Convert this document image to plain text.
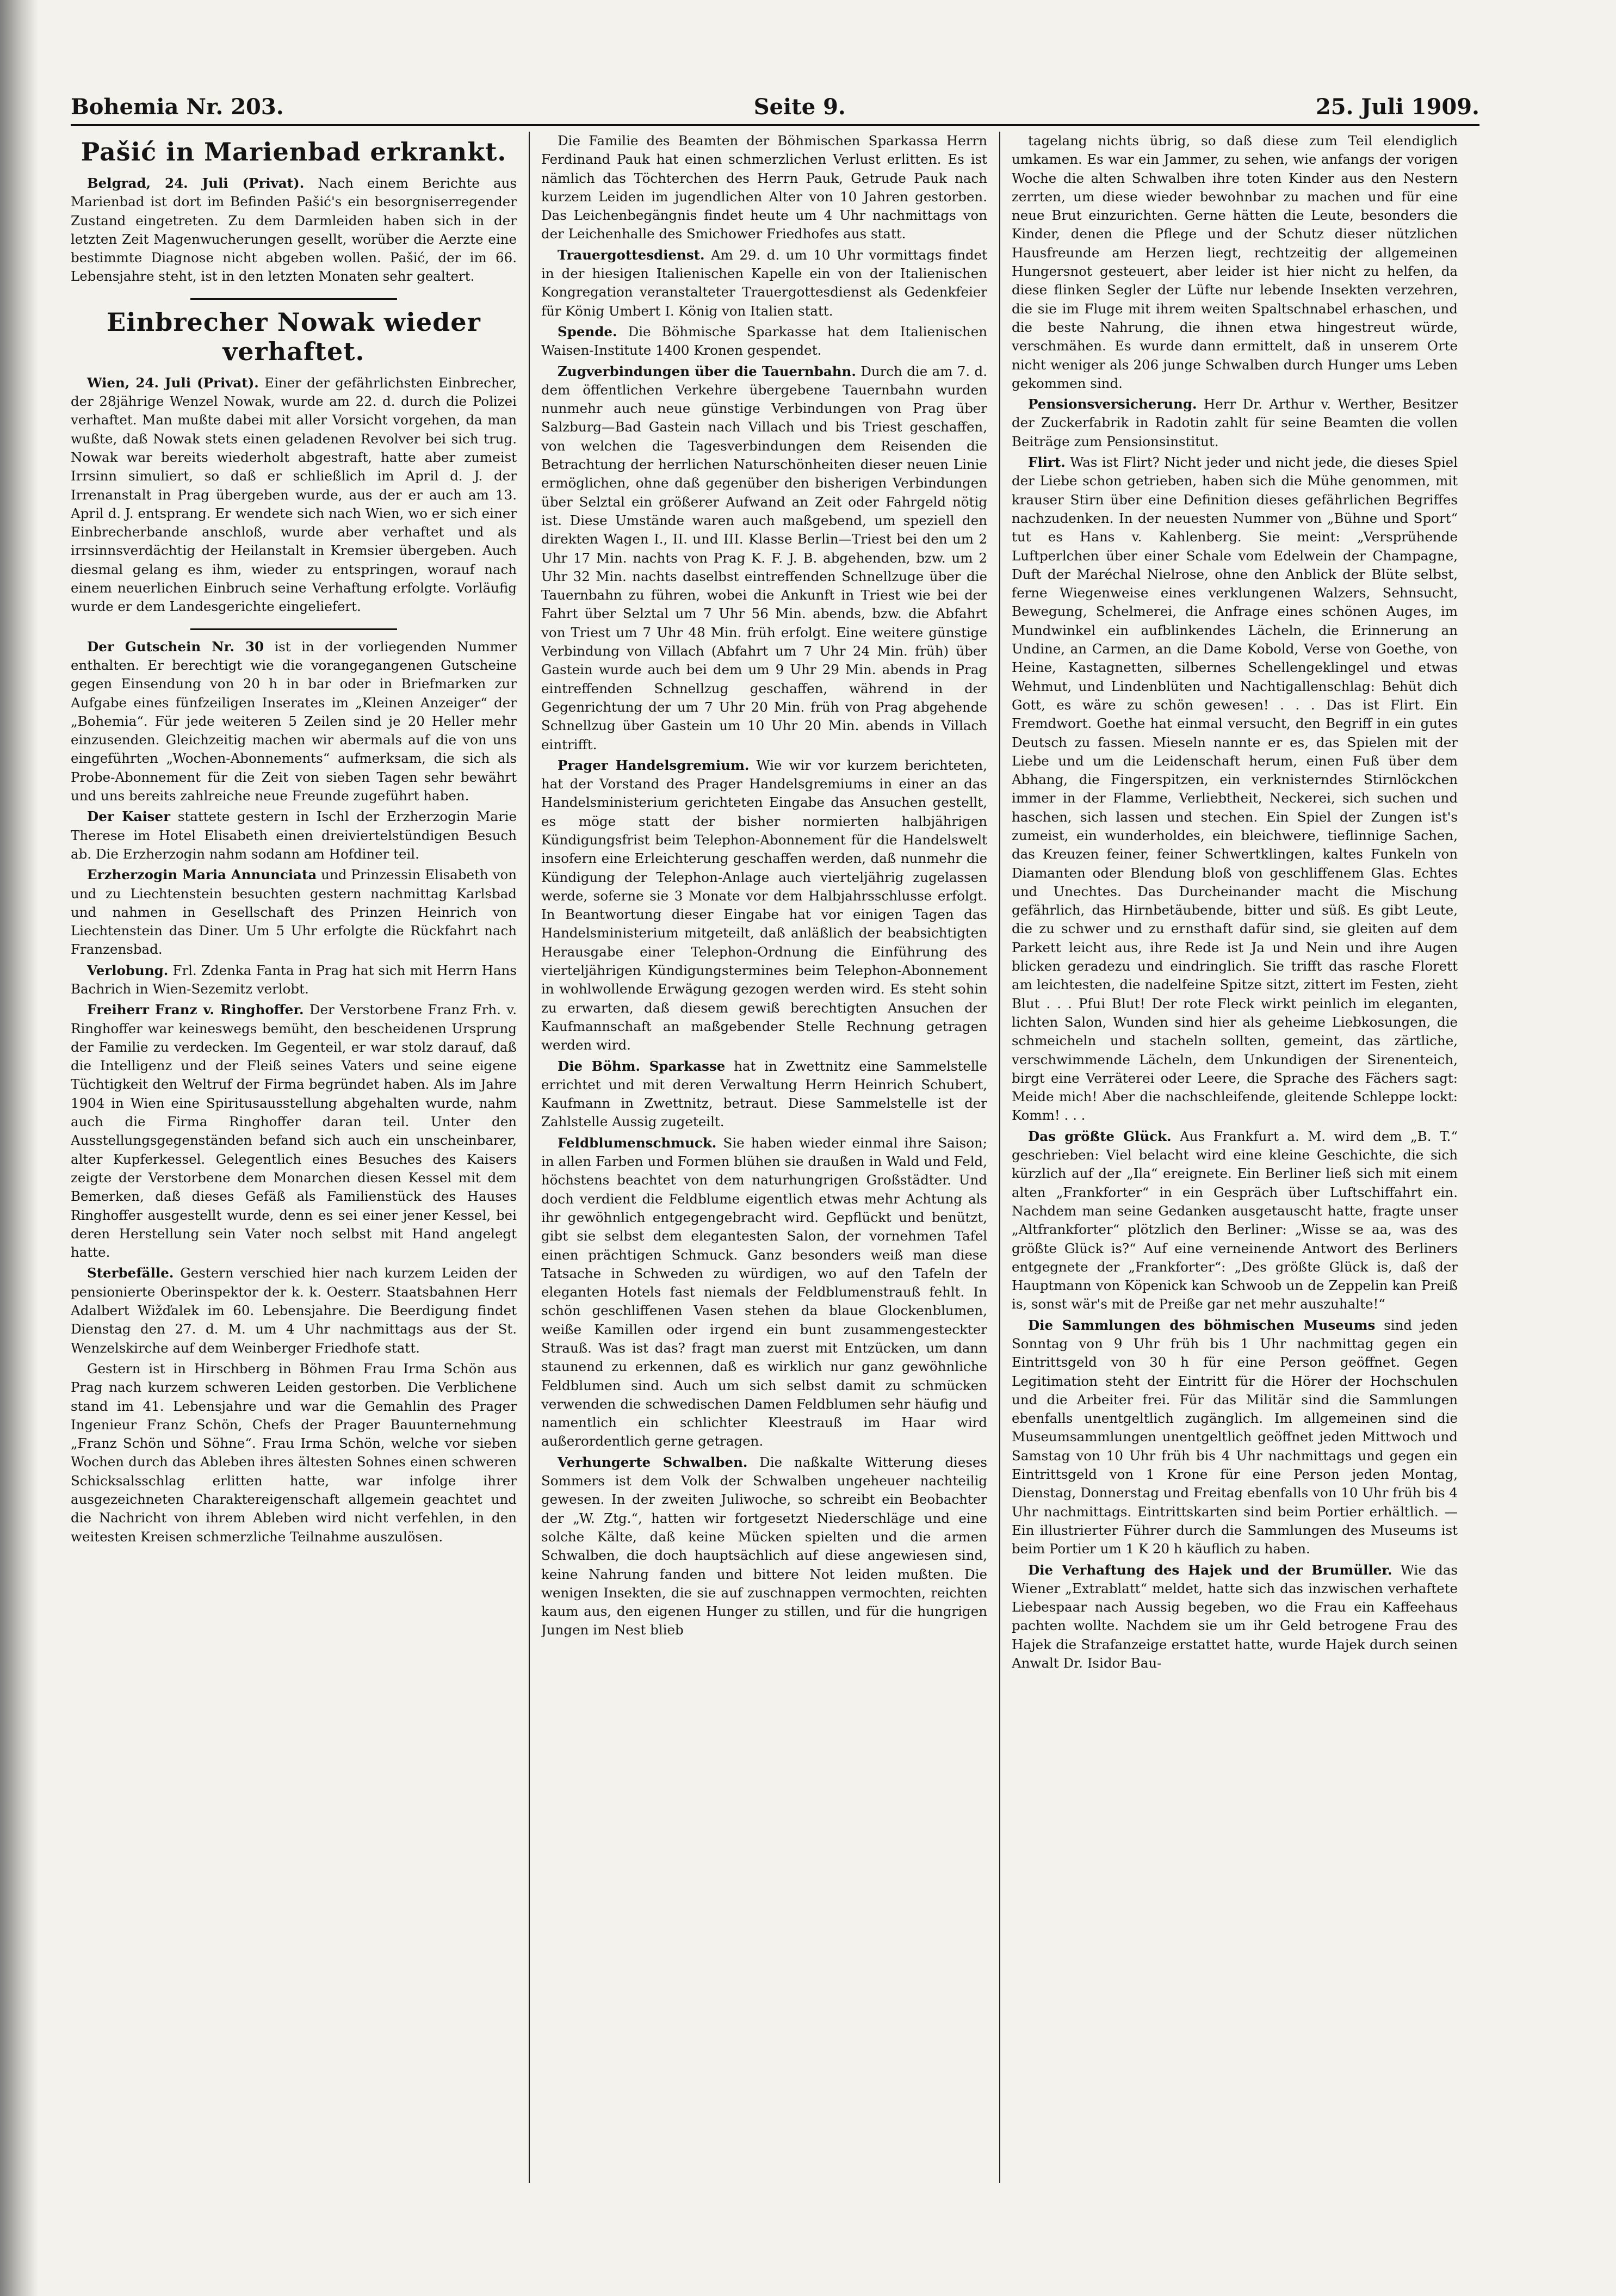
Bohemia Nr. 203.	Seite 9.	25. Juli 1909.
Pašić in Marienbad erkrankt.

Belgrad, 24. Juli (Privat). Nach einem Berichte aus Marienbad ist dort im Befinden Pašić's ein besorgniserregender Zustand eingetreten. Zu dem Darmleiden haben sich in der letzten Zeit Magenwucherungen gesellt, worüber die Aerzte eine bestimmte Diagnose nicht abgeben wollen. Pašić, der im 66. Lebensjahre steht, ist in den letzten Monaten sehr gealtert.

Einbrecher Nowak wieder verhaftet.

Wien, 24. Juli (Privat). Einer der gefährlichsten Einbrecher, der 28jährige Wenzel Nowak, wurde am 22. d. durch die Polizei verhaftet. Man mußte dabei mit aller Vorsicht vorgehen, da man wußte, daß Nowak stets einen geladenen Revolver bei sich trug. Nowak war bereits wiederholt abgestraft, hatte aber zumeist Irrsinn simuliert, so daß er schließlich im April d. J. der Irrenanstalt in Prag übergeben wurde, aus der er auch am 13. April d. J. entsprang. Er wendete sich nach Wien, wo er sich einer Einbrecherbande anschloß, wurde aber verhaftet und als irrsinnsverdächtig der Heilanstalt in Kremsier übergeben. Auch diesmal gelang es ihm, wieder zu entspringen, worauf nach einem neuerlichen Einbruch seine Verhaftung erfolgte. Vorläufig wurde er dem Landesgerichte eingeliefert.

Der Gutschein Nr. 30 ist in der vorliegenden Nummer enthalten. Er berechtigt wie die vorangegangenen Gutscheine gegen Einsendung von 20 h in bar oder in Briefmarken zur Aufgabe eines fünfzeiligen Inserates im „Kleinen Anzeiger“ der „Bohemia“. Für jede weiteren 5 Zeilen sind je 20 Heller mehr einzusenden. Gleichzeitig machen wir abermals auf die von uns eingeführten „Wochen-Abonnements“ aufmerksam, die sich als Probe-Abonnement für die Zeit von sieben Tagen sehr bewährt und uns bereits zahlreiche neue Freunde zugeführt haben.

Der Kaiser stattete gestern in Ischl der Erzherzogin Marie Therese im Hotel Elisabeth einen dreiviertelstündigen Besuch ab. Die Erzherzogin nahm sodann am Hofdiner teil.

Erzherzogin Maria Annunciata und Prinzessin Elisabeth von und zu Liechtenstein besuchten gestern nachmittag Karlsbad und nahmen in Gesellschaft des Prinzen Heinrich von Liechtenstein das Diner. Um 5 Uhr erfolgte die Rückfahrt nach Franzensbad.

Verlobung. Frl. Zdenka Fanta in Prag hat sich mit Herrn Hans Bachrich in Wien-Sezemitz verlobt.

Freiherr Franz v. Ringhoffer. Der Verstorbene Franz Frh. v. Ringhoffer war keineswegs bemüht, den bescheidenen Ursprung der Familie zu verdecken. Im Gegenteil, er war stolz darauf, daß die Intelligenz und der Fleiß seines Vaters und seine eigene Tüchtigkeit den Weltruf der Firma begründet haben. Als im Jahre 1904 in Wien eine Spiritusausstellung abgehalten wurde, nahm auch die Firma Ringhoffer daran teil. Unter den Ausstellungsgegenständen befand sich auch ein unscheinbarer, alter Kupferkessel. Gelegentlich eines Besuches des Kaisers zeigte der Verstorbene dem Monarchen diesen Kessel mit dem Bemerken, daß dieses Gefäß als Familienstück des Hauses Ringhoffer ausgestellt wurde, denn es sei einer jener Kessel, bei deren Herstellung sein Vater noch selbst mit Hand angelegt hatte.

Sterbefälle. Gestern verschied hier nach kurzem Leiden der pensionierte Oberinspektor der k. k. Oesterr. Staatsbahnen Herr Adalbert Wižďalek im 60. Lebensjahre. Die Beerdigung findet Dienstag den 27. d. M. um 4 Uhr nachmittags aus der St. Wenzelskirche auf dem Weinberger Friedhofe statt.

Gestern ist in Hirschberg in Böhmen Frau Irma Schön aus Prag nach kurzem schweren Leiden gestorben. Die Verblichene stand im 41. Lebensjahre und war die Gemahlin des Prager Ingenieur Franz Schön, Chefs der Prager Bauunternehmung „Franz Schön und Söhne“. Frau Irma Schön, welche vor sieben Wochen durch das Ableben ihres ältesten Sohnes einen schweren Schicksalsschlag erlitten hatte, war infolge ihrer ausgezeichneten Charaktereigenschaft allgemein geachtet und die Nachricht von ihrem Ableben wird nicht verfehlen, in den weitesten Kreisen schmerzliche Teilnahme auszulösen.

Die Familie des Beamten der Böhmischen Sparkassa Herrn Ferdinand Pauk hat einen schmerzlichen Verlust erlitten. Es ist nämlich das Töchterchen des Herrn Pauk, Getrude Pauk nach kurzem Leiden im jugendlichen Alter von 10 Jahren gestorben. Das Leichenbegängnis findet heute um 4 Uhr nachmittags von der Leichenhalle des Smichower Friedhofes aus statt.

Trauergottesdienst. Am 29. d. um 10 Uhr vormittags findet in der hiesigen Italienischen Kapelle ein von der Italienischen Kongregation veranstalteter Trauergottesdienst als Gedenkfeier für König Umbert I. König von Italien statt.

Spende. Die Böhmische Sparkasse hat dem Italienischen Waisen-Institute 1400 Kronen gespendet.

Zugverbindungen über die Tauernbahn. Durch die am 7. d. dem öffentlichen Verkehre übergebene Tauernbahn wurden nunmehr auch neue günstige Verbindungen von Prag über Salzburg—Bad Gastein nach Villach und bis Triest geschaffen, von welchen die Tagesverbindungen dem Reisenden die Betrachtung der herrlichen Naturschönheiten dieser neuen Linie ermöglichen, ohne daß gegenüber den bisherigen Verbindungen über Selztal ein größerer Aufwand an Zeit oder Fahrgeld nötig ist. Diese Umstände waren auch maßgebend, um speziell den direkten Wagen I., II. und III. Klasse Berlin—Triest bei den um 2 Uhr 17 Min. nachts von Prag K. F. J. B. abgehenden, bzw. um 2 Uhr 32 Min. nachts daselbst eintreffenden Schnellzuge über die Tauernbahn zu führen, wobei die Ankunft in Triest wie bei der Fahrt über Selztal um 7 Uhr 56 Min. abends, bzw. die Abfahrt von Triest um 7 Uhr 48 Min. früh erfolgt. Eine weitere günstige Verbindung von Villach (Abfahrt um 7 Uhr 24 Min. früh) über Gastein wurde auch bei dem um 9 Uhr 29 Min. abends in Prag eintreffenden Schnellzug geschaffen, während in der Gegenrichtung der um 7 Uhr 20 Min. früh von Prag abgehende Schnellzug über Gastein um 10 Uhr 20 Min. abends in Villach eintrifft.

Prager Handelsgremium. Wie wir vor kurzem berichteten, hat der Vorstand des Prager Handelsgremiums in einer an das Handelsministerium gerichteten Eingabe das Ansuchen gestellt, es möge statt der bisher normierten halbjährigen Kündigungsfrist beim Telephon-Abonnement für die Handelswelt insofern eine Erleichterung geschaffen werden, daß nunmehr die Kündigung der Telephon-Anlage auch vierteljährig zugelassen werde, soferne sie 3 Monate vor dem Halbjahrsschlusse erfolgt. In Beantwortung dieser Eingabe hat vor einigen Tagen das Handelsministerium mitgeteilt, daß anläßlich der beabsichtigten Herausgabe einer Telephon-Ordnung die Einführung des vierteljährigen Kündigungstermines beim Telephon-Abonnement in wohlwollende Erwägung gezogen werden wird. Es steht sohin zu erwarten, daß diesem gewiß berechtigten Ansuchen der Kaufmannschaft an maßgebender Stelle Rechnung getragen werden wird.

Die Böhm. Sparkasse hat in Zwettnitz eine Sammelstelle errichtet und mit deren Verwaltung Herrn Heinrich Schubert, Kaufmann in Zwettnitz, betraut. Diese Sammelstelle ist der Zahlstelle Aussig zugeteilt.

Feldblumenschmuck. Sie haben wieder einmal ihre Saison; in allen Farben und Formen blühen sie draußen in Wald und Feld, höchstens beachtet von dem naturhungrigen Großstädter. Und doch verdient die Feldblume eigentlich etwas mehr Achtung als ihr gewöhnlich entgegengebracht wird. Gepflückt und benützt, gibt sie selbst dem elegantesten Salon, der vornehmen Tafel einen prächtigen Schmuck. Ganz besonders weiß man diese Tatsache in Schweden zu würdigen, wo auf den Tafeln der eleganten Hotels fast niemals der Feldblumenstrauß fehlt. In schön geschliffenen Vasen stehen da blaue Glockenblumen, weiße Kamillen oder irgend ein bunt zusammengesteckter Strauß. Was ist das? fragt man zuerst mit Entzücken, um dann staunend zu erkennen, daß es wirklich nur ganz gewöhnliche Feldblumen sind. Auch um sich selbst damit zu schmücken verwenden die schwedischen Damen Feldblumen sehr häufig und namentlich ein schlichter Kleestrauß im Haar wird außerordentlich gerne getragen.

Verhungerte Schwalben. Die naßkalte Witterung dieses Sommers ist dem Volk der Schwalben ungeheuer nachteilig gewesen. In der zweiten Juliwoche, so schreibt ein Beobachter der „W. Ztg.“, hatten wir fortgesetzt Niederschläge und eine solche Kälte, daß keine Mücken spielten und die armen Schwalben, die doch hauptsächlich auf diese angewiesen sind, keine Nahrung fanden und bittere Not leiden mußten. Die wenigen Insekten, die sie auf zuschnappen vermochten, reichten kaum aus, den eigenen Hunger zu stillen, und für die hungrigen Jungen im Nest blieb

tagelang nichts übrig, so daß diese zum Teil elendiglich umkamen. Es war ein Jammer, zu sehen, wie anfangs der vorigen Woche die alten Schwalben ihre toten Kinder aus den Nestern zerrten, um diese wieder bewohnbar zu machen und für eine neue Brut einzurichten. Gerne hätten die Leute, besonders die Kinder, denen die Pflege und der Schutz dieser nützlichen Hausfreunde am Herzen liegt, rechtzeitig der allgemeinen Hungersnot gesteuert, aber leider ist hier nicht zu helfen, da diese flinken Segler der Lüfte nur lebende Insekten verzehren, die sie im Fluge mit ihrem weiten Spaltschnabel erhaschen, und die beste Nahrung, die ihnen etwa hingestreut würde, verschmähen. Es wurde dann ermittelt, daß in unserem Orte nicht weniger als 206 junge Schwalben durch Hunger ums Leben gekommen sind.

Pensionsversicherung. Herr Dr. Arthur v. Werther, Besitzer der Zuckerfabrik in Radotin zahlt für seine Beamten die vollen Beiträge zum Pensionsinstitut.

Flirt. Was ist Flirt? Nicht jeder und nicht jede, die dieses Spiel der Liebe schon getrieben, haben sich die Mühe genommen, mit krauser Stirn über eine Definition dieses gefährlichen Begriffes nachzudenken. In der neuesten Nummer von „Bühne und Sport“ tut es Hans v. Kahlenberg. Sie meint: „Versprühende Luftperlchen über einer Schale vom Edelwein der Champagne, Duft der Maréchal Nielrose, ohne den Anblick der Blüte selbst, ferne Wiegenweise eines verklungenen Walzers, Sehnsucht, Bewegung, Schelmerei, die Anfrage eines schönen Auges, im Mundwinkel ein aufblinkendes Lächeln, die Erinnerung an Undine, an Carmen, an die Dame Kobold, Verse von Goethe, von Heine, Kastagnetten, silbernes Schellengeklingel und etwas Wehmut, und Lindenblüten und Nachtigallenschlag: Behüt dich Gott, es wäre zu schön gewesen! . . . Das ist Flirt. Ein Fremdwort. Goethe hat einmal versucht, den Begriff in ein gutes Deutsch zu fassen. Mieseln nannte er es, das Spielen mit der Liebe und um die Leidenschaft herum, einen Fuß über dem Abhang, die Fingerspitzen, ein verknisterndes Stirnlöckchen immer in der Flamme, Verliebtheit, Neckerei, sich suchen und haschen, sich lassen und stechen. Ein Spiel der Zungen ist's zumeist, ein wunderholdes, ein bleichwere, tieflinnige Sachen, das Kreuzen feiner, feiner Schwertklingen, kaltes Funkeln von Diamanten oder Blendung bloß von geschliffenem Glas. Echtes und Unechtes. Das Durcheinander macht die Mischung gefährlich, das Hirnbetäubende, bitter und süß. Es gibt Leute, die zu schwer und zu ernsthaft dafür sind, sie gleiten auf dem Parkett leicht aus, ihre Rede ist Ja und Nein und ihre Augen blicken geradezu und eindringlich. Sie trifft das rasche Florett am leichtesten, die nadelfeine Spitze sitzt, zittert im Festen, zieht Blut . . . Pfui Blut! Der rote Fleck wirkt peinlich im eleganten, lichten Salon, Wunden sind hier als geheime Liebkosungen, die schmeicheln und stacheln sollten, gemeint, das zärtliche, verschwimmende Lächeln, dem Unkundigen der Sirenenteich, birgt eine Verräterei oder Leere, die Sprache des Fächers sagt: Meide mich! Aber die nachschleifende, gleitende Schleppe lockt: Komm! . . .

Das größte Glück. Aus Frankfurt a. M. wird dem „B. T.“ geschrieben: Viel belacht wird eine kleine Geschichte, die sich kürzlich auf der „Ila“ ereignete. Ein Berliner ließ sich mit einem alten „Frankforter“ in ein Gespräch über Luftschiffahrt ein. Nachdem man seine Gedanken ausgetauscht hatte, fragte unser „Altfrankforter“ plötzlich den Berliner: „Wisse se aa, was des größte Glück is?“ Auf eine verneinende Antwort des Berliners entgegnete der „Frankforter“: „Des größte Glück is, daß der Hauptmann von Köpenick kan Schwoob un de Zeppelin kan Preiß is, sonst wär's mit de Preiße gar net mehr auszuhalte!“

Die Sammlungen des böhmischen Museums sind jeden Sonntag von 9 Uhr früh bis 1 Uhr nachmittag gegen ein Eintrittsgeld von 30 h für eine Person geöffnet. Gegen Legitimation steht der Eintritt für die Hörer der Hochschulen und die Arbeiter frei. Für das Militär sind die Sammlungen ebenfalls unentgeltlich zugänglich. Im allgemeinen sind die Museumsammlungen unentgeltlich geöffnet jeden Mittwoch und Samstag von 10 Uhr früh bis 4 Uhr nachmittags und gegen ein Eintrittsgeld von 1 Krone für eine Person jeden Montag, Dienstag, Donnerstag und Freitag ebenfalls von 10 Uhr früh bis 4 Uhr nachmittags. Eintrittskarten sind beim Portier erhältlich. — Ein illustrierter Führer durch die Sammlungen des Museums ist beim Portier um 1 K 20 h käuflich zu haben.

Die Verhaftung des Hajek und der Brumüller. Wie das Wiener „Extrablatt“ meldet, hatte sich das inzwischen verhaftete Liebespaar nach Aussig begeben, wo die Frau ein Kaffeehaus pachten wollte. Nachdem sie um ihr Geld betrogene Frau des Hajek die Strafanzeige erstattet hatte, wurde Hajek durch seinen Anwalt Dr. Isidor Bau-
